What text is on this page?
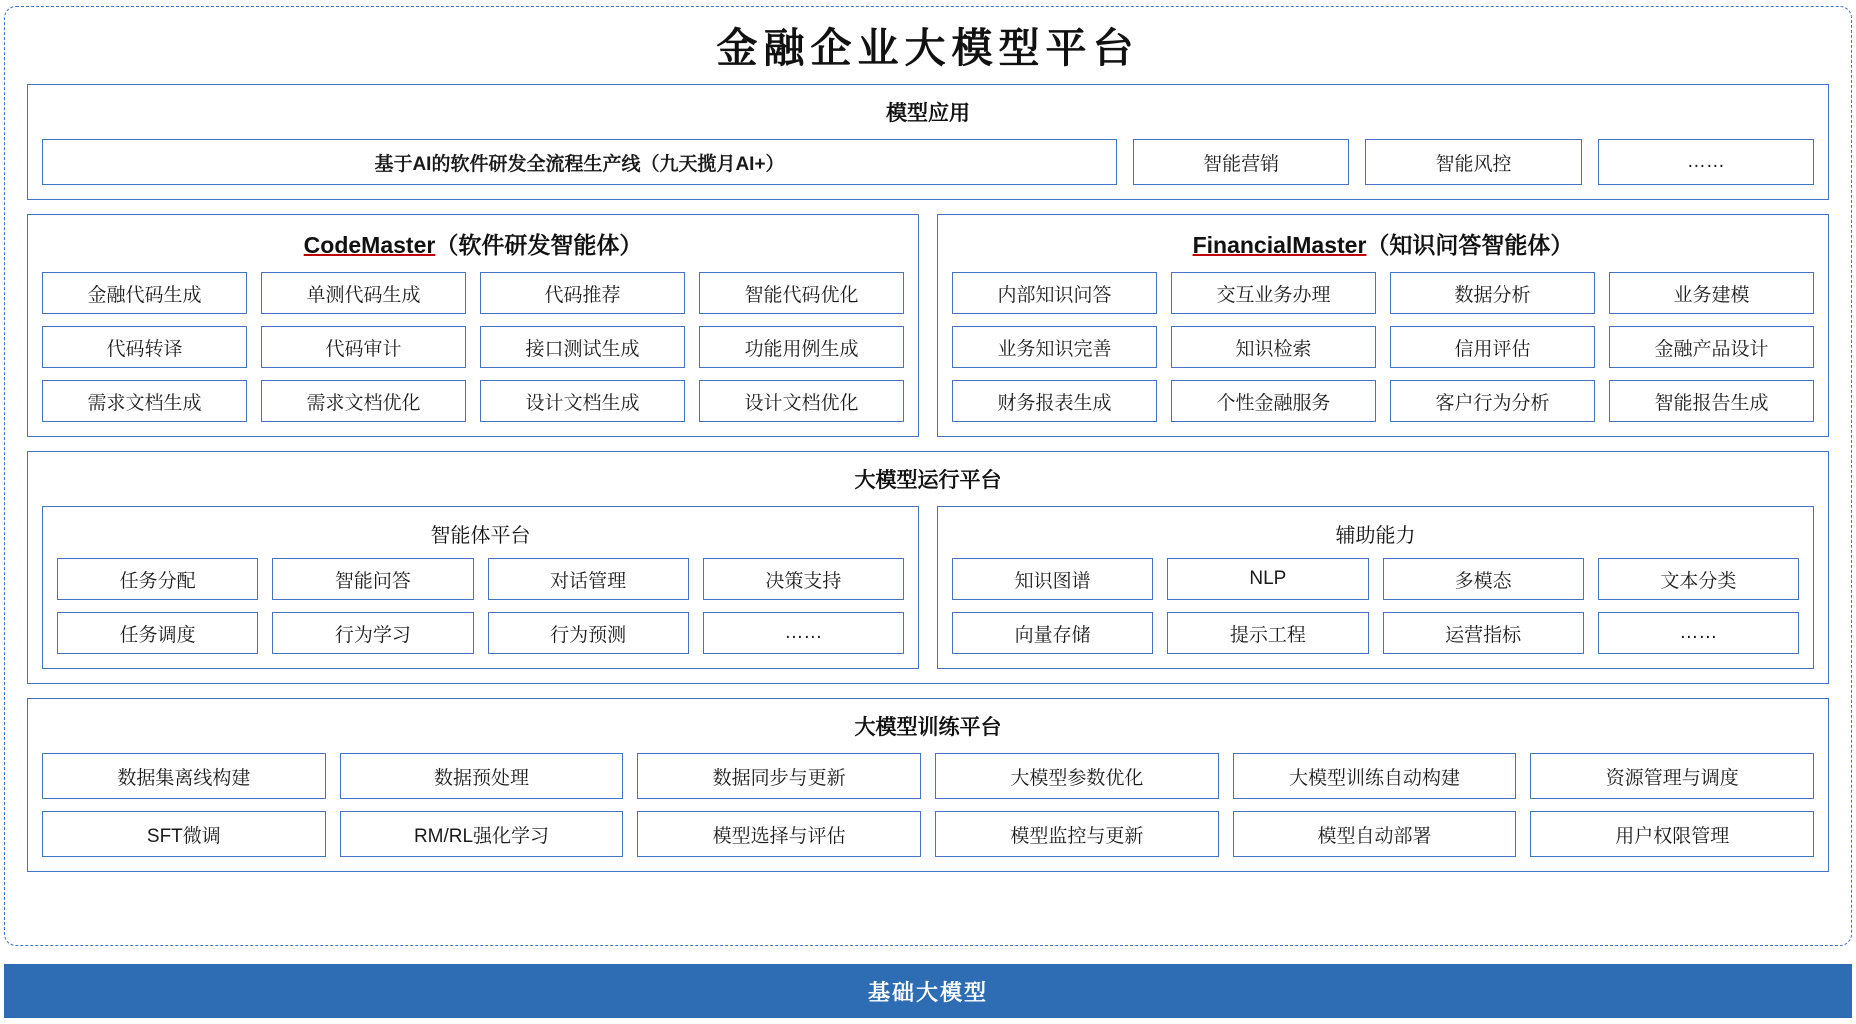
金融企业大模型平台
模型应用
基于AI的软件研发全流程生产线（九天揽月AI+）	智能营销	智能风控	……
CodeMaster（软件研发智能体）
金融代码生成	单测代码生成	代码推荐	智能代码优化
代码转译	代码审计	接口测试生成	功能用例生成
需求文档生成	需求文档优化	设计文档生成	设计文档优化
FinancialMaster（知识问答智能体）
内部知识问答	交互业务办理	数据分析	业务建模
业务知识完善	知识检索	信用评估	金融产品设计
财务报表生成	个性金融服务	客户行为分析	智能报告生成
大模型运行平台
智能体平台
任务分配	智能问答	对话管理	决策支持
任务调度	行为学习	行为预测	……
辅助能力
知识图谱	NLP	多模态	文本分类
向量存储	提示工程	运营指标	……
大模型训练平台
数据集离线构建	数据预处理	数据同步与更新	大模型参数优化	大模型训练自动构建	资源管理与调度
SFT微调	RM/RL强化学习	模型选择与评估	模型监控与更新	模型自动部署	用户权限管理
基础大模型
